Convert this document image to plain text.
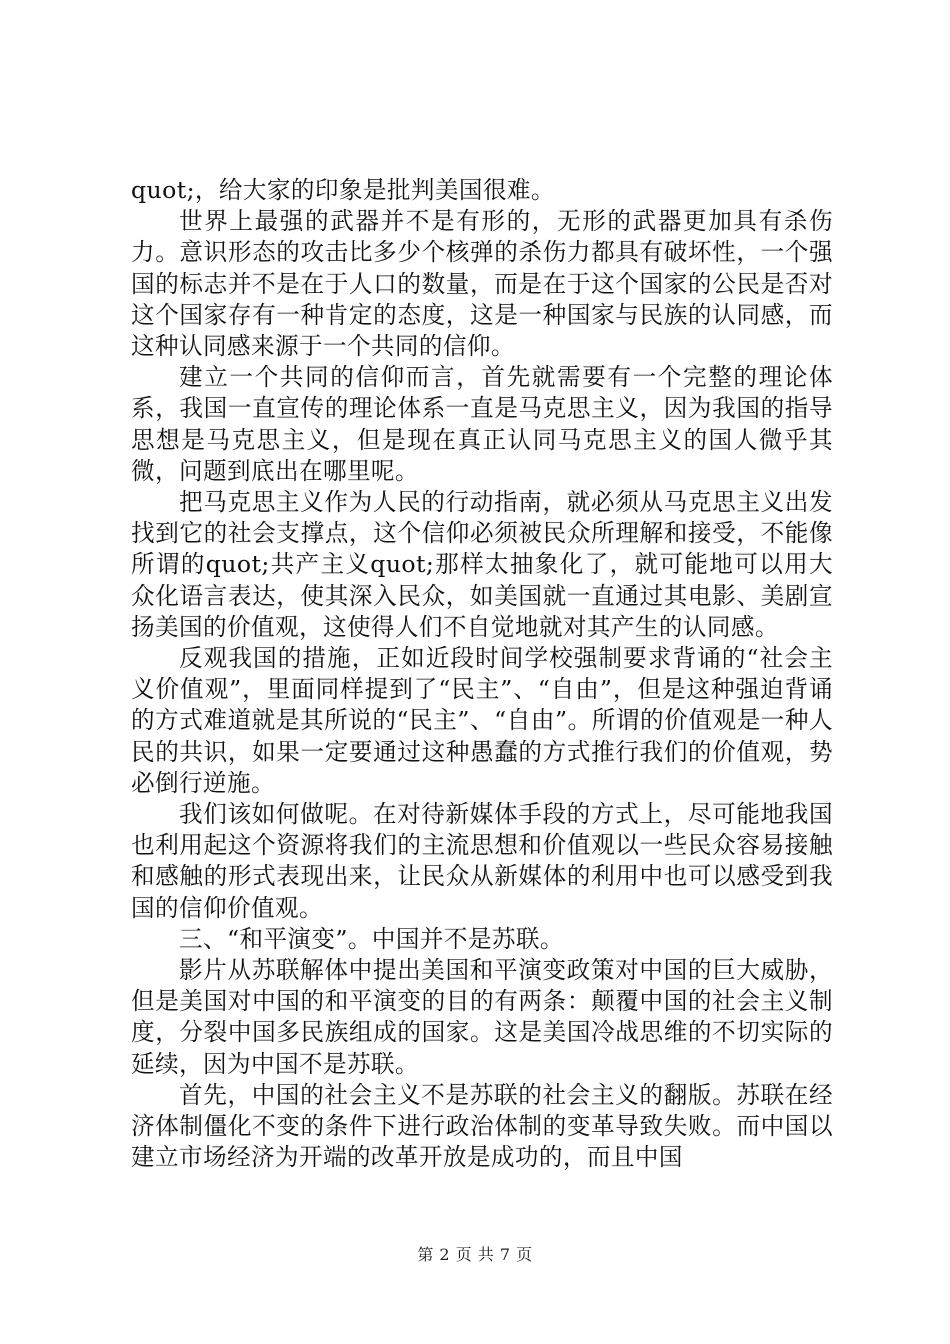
quot;，给大家的印象是批判美国很难。

世界上最强的武器并不是有形的，无形的武器更加具有杀伤力。意识形态的攻击比多少个核弹的杀伤力都具有破坏性，一个强国的标志并不是在于人口的数量，而是在于这个国家的公民是否对这个国家存有一种肯定的态度，这是一种国家与民族的认同感，而这种认同感来源于一个共同的信仰。

建立一个共同的信仰而言，首先就需要有一个完整的理论体系，我国一直宣传的理论体系一直是马克思主义，因为我国的指导思想是马克思主义，但是现在真正认同马克思主义的国人微乎其微，问题到底出在哪里呢。

把马克思主义作为人民的行动指南，就必须从马克思主义出发找到它的社会支撑点，这个信仰必须被民众所理解和接受，不能像所谓的quot;共产主义quot;那样太抽象化了，就可能地可以用大众化语言表达，使其深入民众，如美国就一直通过其电影、美剧宣扬美国的价值观，这使得人们不自觉地就对其产生的认同感。

反观我国的措施，正如近段时间学校强制要求背诵的“社会主义价值观”，里面同样提到了“民主”、“自由”，但是这种强迫背诵的方式难道就是其所说的“民主”、“自由”。所谓的价值观是一种人民的共识，如果一定要通过这种愚蠢的方式推行我们的价值观，势必倒行逆施。

我们该如何做呢。在对待新媒体手段的方式上，尽可能地我国也利用起这个资源将我们的主流思想和价值观以一些民众容易接触和感触的形式表现出来，让民众从新媒体的利用中也可以感受到我国的信仰价值观。

三、“和平演变”。中国并不是苏联。

影片从苏联解体中提出美国和平演变政策对中国的巨大威胁，但是美国对中国的和平演变的目的有两条：颠覆中国的社会主义制度，分裂中国多民族组成的国家。这是美国冷战思维的不切实际的延续，因为中国不是苏联。

首先，中国的社会主义不是苏联的社会主义的翻版。苏联在经济体制僵化不变的条件下进行政治体制的变革导致失败。而中国以建立市场经济为开端的改革开放是成功的，而且中国

第 2 页 共 7 页
